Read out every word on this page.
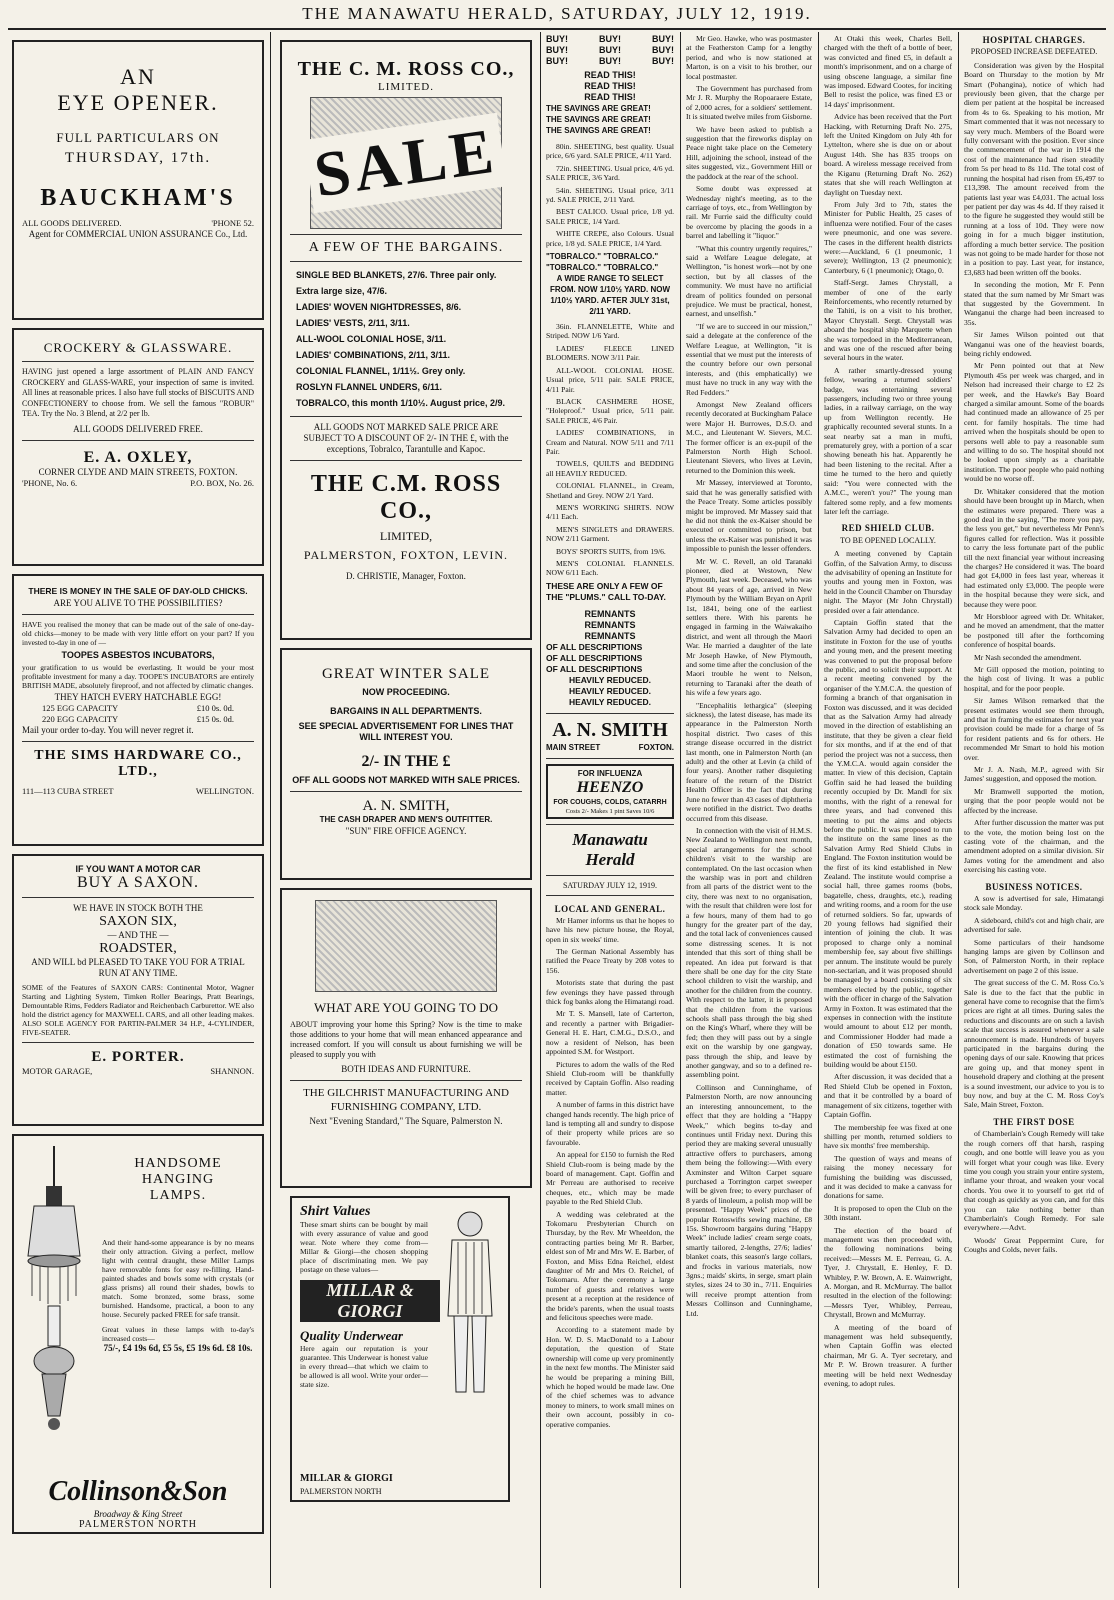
THE MANAWATU HERALD, SATURDAY, JULY 12, 1919.
AN
EYE OPENER.
FULL PARTICULARS ON
THURSDAY, 17th.
BAUCKHAM'S
ALL GOODS DELIVERED.	'PHONE 52.
Agent for COMMERCIAL UNION ASSURANCE Co., Ltd.
CROCKERY & GLASSWARE.
HAVING just opened a large assortment of PLAIN AND FANCY CROCKERY and GLASS-WARE, your inspection of same is invited. All lines at reasonable prices. I also have full stocks of BISCUITS AND CONFECTIONERY to choose from. We sell the famous "ROBUR" TEA. Try the No. 3 Blend, at 2/2 per lb.
ALL GOODS DELIVERED FREE.
E. A. OXLEY,
CORNER CLYDE AND MAIN STREETS, FOXTON.
'PHONE, No. 6.	P.O. BOX, No. 26.
THERE IS MONEY IN THE SALE OF DAY-OLD CHICKS.
ARE YOU ALIVE TO THE POSSIBILITIES?
HAVE you realised the money that can be made out of the sale of one-day-old chicks—money to be made with very little effort on your part? If you invested to-day in one of —
TOOPES ASBESTOS INCUBATORS,
your gratification to us would be everlasting. It would be your most profitable investment for many a day. TOOPE'S INCUBATORS are entirely BRITISH MADE, absolutely fireproof, and not affected by climatic changes.
THEY HATCH EVERY HATCHABLE EGG!
125 EGG CAPACITY	£10 0s. 0d.
220 EGG CAPACITY	£15 0s. 0d.
Mail your order to-day. You will never regret it.
THE SIMS HARDWARE CO., LTD.,
111—113 CUBA STREET	WELLINGTON.
IF YOU WANT A MOTOR CAR
BUY A SAXON.
WE HAVE IN STOCK BOTH THE
SAXON SIX,
— AND THE —
ROADSTER,
AND WILL bd PLEASED TO TAKE YOU FOR A TRIAL RUN AT ANY TIME.
SOME of the Features of SAXON CARS: Continental Motor, Wagner Starting and Lighting System, Timken Roller Bearings, Pratt Bearings, Demountable Rims, Fedders Radiator and Reichenbach Carburettor. WE also hold the district agency for MAXWELL CARS, and all other leading makes. ALSO SOLE AGENCY FOR PARTIN-PALMER 34 H.P., 4-CYLINDER, FIVE-SEATER.
E. PORTER.
MOTOR GARAGE,	SHANNON.
HANDSOME
HANGING
LAMPS.
And their hand-some appearance is by no means their only attraction. Giving a perfect, mellow light with central draught, these Miller Lamps have removable fonts for easy re-filling. Hand-painted shades and bowls some with crystals (or glass prisms) all round their shades, bowls to match. Some bronzed, some brass, some burnished. Handsome, practical, a boon to any house. Securely packed FREE for safe transit.
Great values in these lamps with to-day's increased costs—
75/-, £4 19s 6d, £5 5s, £5 19s 6d. £8 10s.
Collinson&Son
Broadway & King Street
PALMERSTON NORTH
THE C. M. ROSS CO.,
LIMITED.
SALE
A FEW OF THE BARGAINS.
SINGLE BED BLANKETS, 27/6. Three pair only. Extra large size, 47/6.
LADIES' WOVEN NIGHTDRESSES, 8/6.
LADIES' VESTS, 2/11, 3/11.
ALL-WOOL COLONIAL HOSE, 3/11.
LADIES' COMBINATIONS, 2/11, 3/11.
COLONIAL FLANNEL, 1/11½. Grey only.
ROSLYN FLANNEL UNDERS, 6/11.
TOBRALCO, this month 1/10½. August price, 2/9.
ALL GOODS NOT MARKED SALE PRICE ARE SUBJECT TO A DISCOUNT OF 2/- IN THE £, with the exceptions, Tobralco, Tarantulle and Kapoc.
THE C.M. ROSS CO.,
LIMITED,
PALMERSTON, FOXTON, LEVIN.
D. CHRISTIE, Manager, Foxton.
GREAT WINTER SALE
NOW PROCEEDING.
BARGAINS IN ALL DEPARTMENTS.
SEE SPECIAL ADVERTISEMENT FOR LINES THAT WILL INTEREST YOU.
2/- IN THE £
OFF ALL GOODS NOT MARKED WITH SALE PRICES.
A. N. SMITH,
THE CASH DRAPER AND MEN'S OUTFITTER.
"SUN" FIRE OFFICE AGENCY.
WHAT ARE YOU GOING TO DO
ABOUT improving your home this Spring? Now is the time to make those additions to your home that will mean enhanced appearance and increased comfort. If you will consult us about furnishing we will be pleased to supply you with
BOTH IDEAS AND FURNITURE.
THE GILCHRIST MANUFACTURING AND FURNISHING COMPANY, LTD.
Next "Evening Standard," The Square, Palmerston N.
Shirt Values
These smart shirts can be bought by mail with every assurance of value and good wear. Note where they come from—Millar & Giorgi—the chosen shopping place of discriminating men. We pay postage on these values—
MILLAR & GIORGI
Quality Underwear
Here again our reputation is your guarantee. This Underwear is honest value in every thread—that which we claim to be allowed is all wool. Write your order—state size.
MILLAR & GIORGI
PALMERSTON NORTH
BUY!	BUY!	BUY!
BUY!	BUY!	BUY!
BUY!	BUY!	BUY!
READ THIS!
READ THIS!
READ THIS!
THE SAVINGS ARE GREAT!
THE SAVINGS ARE GREAT!
THE SAVINGS ARE GREAT!

80in. SHEETING, best quality. Usual price, 6/6 yard. SALE PRICE, 4/11 Yard.

72in. SHEETING. Usual price, 4/6 yd. SALE PRICE, 3/6 Yard.

54in. SHEETING. Usual price, 3/11 yd. SALE PRICE, 2/11 Yard.

BEST CALICO. Usual price, 1/8 yd. SALE PRICE, 1/4 Yard.

WHITE CREPE, also Colours. Usual price, 1/8 yd. SALE PRICE, 1/4 Yard.

"TOBRALCO." "TOBRALCO."
"TOBRALCO." "TOBRALCO."
A WIDE RANGE TO SELECT FROM. NOW 1/10½ YARD. NOW 1/10½ YARD. AFTER JULY 31st, 2/11 YARD.

36in. FLANNELETTE, White and Striped. NOW 1/6 Yard.

LADIES' FLEECE LINED BLOOMERS. NOW 3/11 Pair.

ALL-WOOL COLONIAL HOSE. Usual price, 5/11 pair. SALE PRICE, 4/11 Pair.

BLACK CASHMERE HOSE, "Holeproof." Usual price, 5/11 pair. SALE PRICE, 4/6 Pair.

LADIES' COMBINATIONS, in Cream and Natural. NOW 5/11 and 7/11 Pair.

TOWELS, QUILTS and BEDDING all HEAVILY REDUCED.

COLONIAL FLANNEL, in Cream, Shetland and Grey. NOW 2/1 Yard.

MEN'S WORKING SHIRTS. NOW 4/11 Each.

MEN'S SINGLETS and DRAWERS. NOW 2/11 Garment.

BOYS' SPORTS SUITS, from 19/6.

MEN'S COLONIAL FLANNELS. NOW 6/11 Each.

THESE ARE ONLY A FEW OF THE "PLUMS." CALL TO-DAY.
REMNANTS
REMNANTS
REMNANTS
OF ALL DESCRIPTIONS
OF ALL DESCRIPTIONS
OF ALL DESCRIPTIONS
HEAVILY REDUCED.
HEAVILY REDUCED.
HEAVILY REDUCED.
A. N. SMITH
MAIN STREET	FOXTON.
FOR INFLUENZA
HEENZO
FOR COUGHS, COLDS, CATARRH
Costs 2/- Makes 1 pint Saves 10/6
Manawatu Herald
SATURDAY JULY 12, 1919.
LOCAL AND GENERAL.

Mr Hamer informs us that he hopes to have his new picture house, the Royal, open in six weeks' time.

The German National Assembly has ratified the Peace Treaty by 208 votes to 156.

Motorists state that during the past few evenings they have passed through thick fog banks along the Himatangi road.

Mr T. S. Mansell, late of Carterton, and recently a partner with Brigadier-General H. E. Hart, C.M.G., D.S.O., and now a resident of Nelson, has been appointed S.M. for Westport.

Pictures to adorn the walls of the Red Shield Club-room will be thankfully received by Captain Goffin. Also reading matter.

A number of farms in this district have changed hands recently. The high price of land is tempting all and sundry to dispose of their property while prices are so favourable.

An appeal for £150 to furnish the Red Shield Club-room is being made by the board of management. Capt. Goffin and Mr Perreau are authorised to receive cheques, etc., which may be made payable to the Red Shield Club.

A wedding was celebrated at the Tokomaru Presbyterian Church on Thursday, by the Rev. Mr Wheeldon, the contracting parties being Mr R. Barber, eldest son of Mr and Mrs W. E. Barber, of Foxton, and Miss Edna Reichel, eldest daughter of Mr and Mrs O. Reichel, of Tokomaru. After the ceremony a large number of guests and relatives were present at a reception at the residence of the bride's parents, when the usual toasts and felicitous speeches were made.

According to a statement made by Hon. W. D. S. MacDonald to a Labour deputation, the question of State ownership will come up very prominently in the next few months. The Minister said he would be preparing a mining Bill, which he hoped would be made law. One of the chief schemes was to advance money to miners, to work small mines on their own account, possibly in co-operative companies.

Mr Geo. Hawke, who was postmaster at the Featherston Camp for a lengthy period, and who is now stationed at Marton, is on a visit to his brother, our local postmaster.

The Government has purchased from Mr J. R. Murphy the Ropoaraere Estate, of 2,000 acres, for a soldiers' settlement. It is situated twelve miles from Gisborne.

We have been asked to publish a suggestion that the fireworks display on Peace night take place on the Cemetery Hill, adjoining the school, instead of the sites suggested, viz., Government Hill or the paddock at the rear of the school.

Some doubt was expressed at Wednesday night's meeting, as to the carriage of toys, etc., from Wellington by rail. Mr Furrie said the difficulty could be overcome by placing the goods in a barrel and labelling it "liquor."

"What this country urgently requires," said a Welfare League delegate, at Wellington, "is honest work—not by one section, but by all classes of the community. We must have no artificial dream of politics founded on personal prejudice. We must be practical, honest, earnest, and unselfish."

"If we are to succeed in our mission," said a delegate at the conference of the Welfare League, at Wellington, "it is essential that we must put the interests of the country before our own personal interests, and (this emphatically) we must have no truck in any way with the Red Fedders."

Amongst New Zealand officers recently decorated at Buckingham Palace were Major H. Burrowes, D.S.O. and M.C., and Lieutenant W. Sievers, M.C. The former officer is an ex-pupil of the Palmerston North High School. Lieutenant Sievers, who lives at Levin, returned to the Dominion this week.

Mr Massey, interviewed at Toronto, said that he was generally satisfied with the Peace Treaty. Some articles possibly might be improved. Mr Massey said that he did not think the ex-Kaiser should be executed or committed to prison, but unless the ex-Kaiser was punished it was impossible to punish the lesser offenders.

Mr W. C. Revell, an old Taranaki pioneer, died at Westown, New Plymouth, last week. Deceased, who was about 84 years of age, arrived in New Plymouth by the William Bryan on April 1st, 1841, being one of the earliest settlers there. With his parents he engaged in farming in the Waiwakaiho district, and went all through the Maori War. He married a daughter of the late Mr Joseph Hawke, of New Plymouth, and some time after the conclusion of the Maori trouble he went to Nelson, returning to Taranaki after the death of his wife a few years ago.

"Encephalitis lethargica" (sleeping sickness), the latest disease, has made its appearance in the Palmerston North hospital district. Two cases of this strange disease occurred in the district last month, one in Palmerston North (an adult) and the other at Levin (a child of four years). Another rather disquieting feature of the return of the District Health Officer is the fact that during June no fewer than 43 cases of diphtheria were notified in the district. Two deaths occurred from this disease.

In connection with the visit of H.M.S. New Zealand to Wellington next month, special arrangements for the school children's visit to the warship are contemplated. On the last occasion when the warship was in port and children from all parts of the district went to the city, there was next to no organisation, with the result that children were lost for a few hours, many of them had to go hungry for the greater part of the day, and the total lack of conveniences caused some distressing scenes. It is not intended that this sort of thing shall be repeated. An idea put forward is that there shall be one day for the city State school children to visit the warship, and another for the children from the country. With respect to the latter, it is proposed that the children from the various schools shall pass through the big shed on the King's Wharf, where they will be fed; then they will pass out by a single exit on the warship by one gangway, pass through the ship, and leave by another gangway, and so to a defined re-assembling point.

Collinson and Cunninghame, of Palmerston North, are now announcing an interesting announcement, to the effect that they are holding a "Happy Week," which begins to-day and continues until Friday next. During this period they are making several unusually attractive offers to purchasers, among them being the following:—With every Axminster and Wilton Carpet square purchased a Torrington carpet sweeper will be given free; to every purchaser of 8 yards of linoleum, a polish mop will be presented. "Happy Week" prices of the popular Rotoswifts sewing machine, £8 15s. Showroom bargains during "Happy Week" include ladies' cream serge coats, smartly tailored, 2-lengths, 27/6; ladies' blanket coats, this season's large collars, and frocks in various materials, now 3gns.; maids' skirts, in serge, smart plain styles, sizes 24 to 30 in., 7/11. Enquiries will receive prompt attention from Messrs Collinson and Cunninghame, Ltd.

At Otaki this week, Charles Bell, charged with the theft of a bottle of beer, was convicted and fined £5, in default a month's imprisonment, and on a charge of using obscene language, a similar fine was imposed. Edward Cootes, for inciting Bell to resist the police, was fined £3 or 14 days' imprisonment.

Advice has been received that the Port Hacking, with Returning Draft No. 275, left the United Kingdom on July 4th for Lyttelton, where she is due on or about August 14th. She has 835 troops on board. A wireless message received from the Kiganu (Returning Draft No. 262) states that she will reach Wellington at daylight on Tuesday next.

From July 3rd to 7th, states the Minister for Public Health, 25 cases of influenza were notified. Four of the cases were pneumonic, and one was severe. The cases in the different health districts were:—Auckland, 6 (1 pneumonic, 1 severe); Wellington, 13 (2 pneumonic); Canterbury, 6 (1 pneumonic); Otago, 0.

Staff-Sergt. James Chrystall, a member of one of the early Reinforcements, who recently returned by the Tahiti, is on a visit to his brother, Mayor Chrystall. Sergt. Chrystall was aboard the hospital ship Marquette when she was torpedoed in the Mediterranean, and was one of the rescued after being several hours in the water.

A rather smartly-dressed young fellow, wearing a returned soldiers' badge, was entertaining several passengers, including two or three young ladies, in a railway carriage, on the way up from Wellington recently. He graphically recounted several stunts. In a seat nearby sat a man in mufti, prematurely grey, with a portion of a scar showing beneath his hat. Apparently he had been listening to the recital. After a time he turned to the hero and quietly said: "You were connected with the A.M.C., weren't you?" The young man faltered some reply, and a few moments later left the carriage.

RED SHIELD CLUB.
TO BE OPENED LOCALLY.

A meeting convened by Captain Goffin, of the Salvation Army, to discuss the advisability of opening an Institute for youths and young men in Foxton, was held in the Council Chamber on Thursday night. The Mayor (Mr John Chrystall) presided over a fair attendance.

Captain Goffin stated that the Salvation Army had decided to open an institute in Foxton for the use of youths and young men, and the present meeting was convened to put the proposal before the public, and to solicit their support. At a recent meeting convened by the organiser of the Y.M.C.A. the question of forming a branch of that organisation in Foxton was discussed, and it was decided that as the Salvation Army had already moved in the direction of establishing an institute, that they be given a clear field for six months, and if at the end of that period the project was not a success, then the Y.M.C.A. would again consider the matter. In view of this decision, Captain Goffin said he had leased the building recently occupied by Dr. Mandl for six months, with the right of a renewal for three years, and had convened this meeting to put the aims and objects before the public. It was proposed to run the institute on the same lines as the Salvation Army Red Shield Clubs in England. The Foxton institution would be the first of its kind established in New Zealand. The institute would comprise a social hall, three games rooms (bobs, bagatelle, chess, draughts, etc.), reading and writing rooms, and a room for the use of returned soldiers. So far, upwards of 20 young fellows had signified their intention of joining the club. It was proposed to charge only a nominal membership fee, say about five shillings per annum. The institute would be purely non-sectarian, and it was proposed should be managed by a board consisting of six members elected by the public, together with the officer in charge of the Salvation Army in Foxton. It was estimated that the expenses in connection with the institute would amount to about £12 per month, and Commissioner Hodder had made a donation of £50 towards same. He estimated the cost of furnishing the building would be about £150.

After discussion, it was decided that a Red Shield Club be opened in Foxton, and that it be controlled by a board of management of six citizens, together with Captain Goffin.

The membership fee was fixed at one shilling per month, returned soldiers to have six months' free membership.

The question of ways and means of raising the money necessary for furnishing the building was discussed, and it was decided to make a canvass for donations for same.

It is proposed to open the Club on the 30th instant.

The election of the board of management was then proceeded with, the following nominations being received:—Messrs M. E. Perreau, G. A. Tyer, J. Chrystall, E. Henley, F. D. Whibley, P. W. Brown, A. E. Wainwright, A. Morgan, and R. McMurray. The ballot resulted in the election of the following:—Messrs Tyer, Whibley, Perreau, Chrystall, Brown and McMurray.

A meeting of the board of management was held subsequently, when Captain Goffin was elected chairman, Mr G. A. Tyer secretary, and Mr P. W. Brown treasurer. A further meeting will be held next Wednesday evening, to adopt rules.

HOSPITAL CHARGES.
PROPOSED INCREASE DEFEATED.

Consideration was given by the Hospital Board on Thursday to the motion by Mr Smart (Pohangina), notice of which had previously been given, that the charge per diem per patient at the hospital be increased from 4s to 6s. Speaking to his motion, Mr Smart commented that it was not necessary to say very much. Members of the Board were fully conversant with the position. Ever since the commencement of the war in 1914 the cost of the maintenance had risen steadily from 5s per head to 8s 11d. The total cost of running the hospital had risen from £6,497 to £13,398. The amount received from the patients last year was £4,031. The actual loss per patient per day was 4s 4d. If they raised it to the figure he suggested they would still be running at a loss of 10d. They were now going in for a much bigger institution, affording a much better service. The position was not going to be made harder for those not in a position to pay. Last year, for instance, £3,683 had been written off the books.

In seconding the motion, Mr F. Penn stated that the sum named by Mr Smart was that suggested by the Government. In Wanganui the charge had been increased to 35s.

Sir James Wilson pointed out that Wanganui was one of the heaviest boards, being richly endowed.

Mr Penn pointed out that at New Plymouth 45s per week was charged, and in Nelson had increased their charge to £2 2s per week, and the Hawke's Bay Board charged a similar amount. Some of the boards had continued made an allowance of 25 per cent. for family hospitals. The time had arrived when the hospitals should be open to persons well able to pay a reasonable sum and willing to do so. The hospital should not be looked upon simply as a charitable institution. The poor people who paid nothing would be no worse off.

Dr. Whitaker considered that the motion should have been brought up in March, when the estimates were prepared. There was a good deal in the saying, "The more you pay, the less you get," but nevertheless Mr Penn's figures called for reflection. Was it possible to carry the less fortunate part of the public till the next financial year without increasing the charges? He considered it was. The board had got £4,000 in fees last year, whereas it had estimated only £3,000. The people were in the hospital because they were sick, and because they were poor.

Mr Horsbloor agreed with Dr. Whitaker, and he moved an amendment, that the matter be postponed till after the forthcoming conference of hospital boards.

Mr Nash seconded the amendment.

Mr Gill opposed the motion, pointing to the high cost of living. It was a public hospital, and for the poor people.

Sir James Wilson remarked that the present estimates would see them through, and that in framing the estimates for next year provision could be made for a charge of 5s for resident patients and 6s for others. He recommended Mr Smart to hold his motion over.

Mr J. A. Nash, M.P., agreed with Sir James' suggestion, and opposed the motion.

Mr Bramwell supported the motion, urging that the poor people would not be affected by the increase.

After further discussion the matter was put to the vote, the motion being lost on the casting vote of the chairman, and the amendment adopted on a similar division. Sir James voting for the amendment and also exercising his casting vote.

BUSINESS NOTICES.

A sow is advertised for sale, Himatangi stock sale Monday.

A sideboard, child's cot and high chair, are advertised for sale.

Some particulars of their handsome hanging lamps are given by Collinson and Son, of Palmerston North, in their replace advertisement on page 2 of this issue.

The great success of the C. M. Ross Co.'s Sale is due to the fact that the public in general have come to recognise that the firm's prices are right at all times. During sales the reductions and discounts are on such a lavish scale that success is assured whenever a sale announcement is made. Hundreds of buyers participated in the bargains during the opening days of our sale. Knowing that prices are going up, and that money spent in household drapery and clothing at the present is a sound investment, our advice to you is to buy now, and buy at the C. M. Ross Coy's Sale, Main Street, Foxton.

THE FIRST DOSE

of Chamberlain's Cough Remedy will take the rough corners off that harsh, rasping cough, and one bottle will leave you as you will forget what your cough was like. Every time you cough you strain your entire system, inflame your throat, and weaken your vocal chords. You owe it to yourself to get rid of that cough as quickly as you can, and for this you can take nothing better than Chamberlain's Cough Remedy. For sale everywhere.—Advt.

Woods' Great Peppermint Cure, for Coughs and Colds, never fails.
